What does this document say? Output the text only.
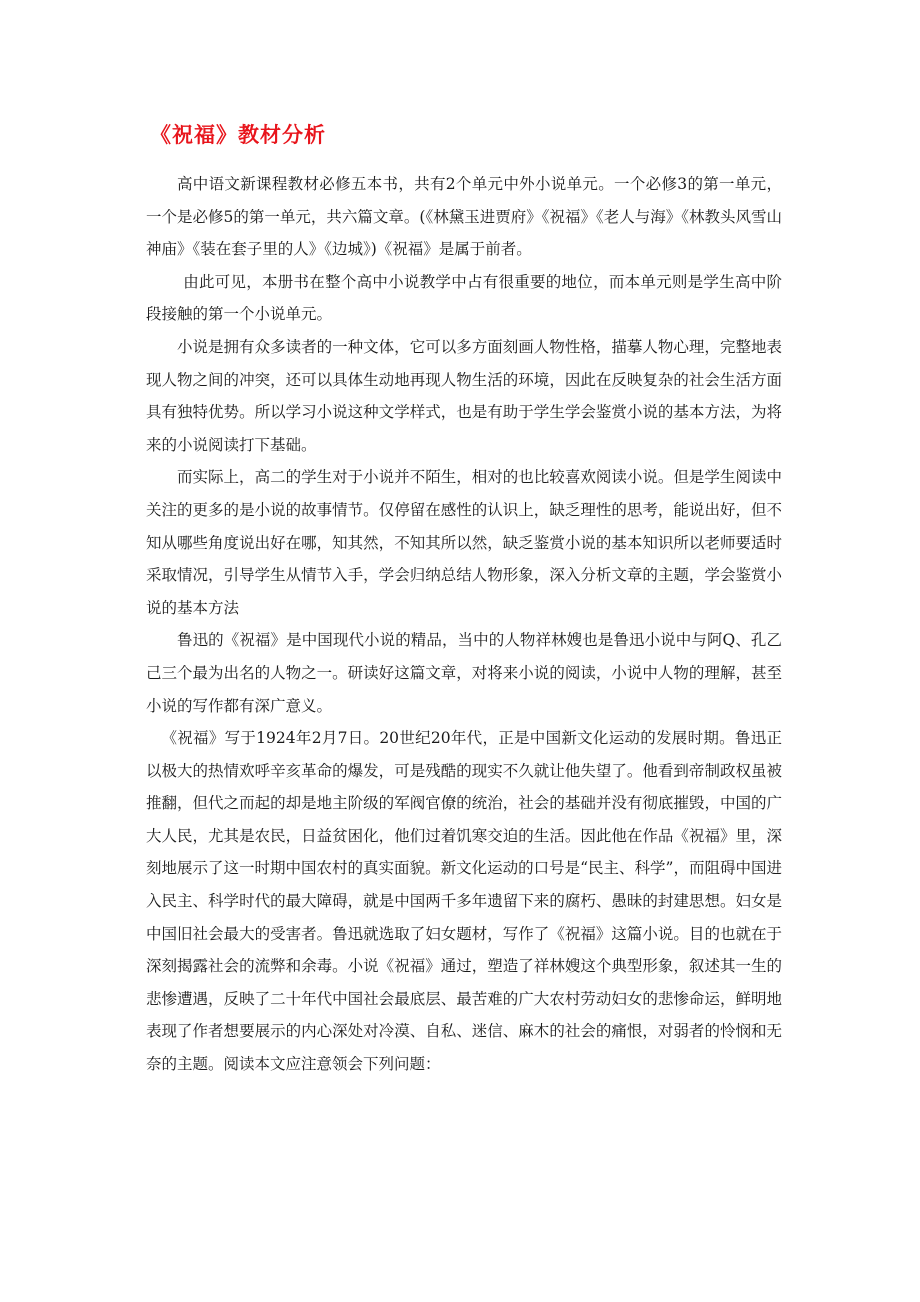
《祝福》教材分析

高中语文新课程教材必修五本书，共有2个单元中外小说单元。一个必修3的第一单元，一个是必修5的第一单元，共六篇文章。(《林黛玉进贾府》《祝福》《老人与海》《林教头风雪山神庙》《装在套子里的人》《边城》)《祝福》是属于前者。

由此可见，本册书在整个高中小说教学中占有很重要的地位，而本单元则是学生高中阶段接触的第一个小说单元。

小说是拥有众多读者的一种文体，它可以多方面刻画人物性格，描摹人物心理，完整地表现人物之间的冲突，还可以具体生动地再现人物生活的环境，因此在反映复杂的社会生活方面具有独特优势。所以学习小说这种文学样式，也是有助于学生学会鉴赏小说的基本方法，为将来的小说阅读打下基础。

而实际上，高二的学生对于小说并不陌生，相对的也比较喜欢阅读小说。但是学生阅读中关注的更多的是小说的故事情节。仅停留在感性的认识上，缺乏理性的思考，能说出好，但不知从哪些角度说出好在哪，知其然，不知其所以然，缺乏鉴赏小说的基本知识所以老师要适时采取情况，引导学生从情节入手，学会归纳总结人物形象，深入分析文章的主题，学会鉴赏小说的基本方法

鲁迅的《祝福》是中国现代小说的精品，当中的人物祥林嫂也是鲁迅小说中与阿Q、孔乙己三个最为出名的人物之一。研读好这篇文章，对将来小说的阅读，小说中人物的理解，甚至小说的写作都有深广意义。

《祝福》写于1924年2月7日。20世纪20年代，正是中国新文化运动的发展时期。鲁迅正以极大的热情欢呼辛亥革命的爆发，可是残酷的现实不久就让他失望了。他看到帝制政权虽被推翻，但代之而起的却是地主阶级的军阀官僚的统治，社会的基础并没有彻底摧毁，中国的广大人民，尤其是农民，日益贫困化，他们过着饥寒交迫的生活。因此他在作品《祝福》里，深刻地展示了这一时期中国农村的真实面貌。新文化运动的口号是“民主、科学”，而阻碍中国进入民主、科学时代的最大障碍，就是中国两千多年遗留下来的腐朽、愚昧的封建思想。妇女是中国旧社会最大的受害者。鲁迅就选取了妇女题材，写作了《祝福》这篇小说。目的也就在于深刻揭露社会的流弊和余毒。小说《祝福》通过，塑造了祥林嫂这个典型形象，叙述其一生的悲惨遭遇，反映了二十年代中国社会最底层、最苦难的广大农村劳动妇女的悲惨命运，鲜明地表现了作者想要展示的内心深处对冷漠、自私、迷信、麻木的社会的痛恨，对弱者的怜悯和无奈的主题。阅读本文应注意领会下列问题：
